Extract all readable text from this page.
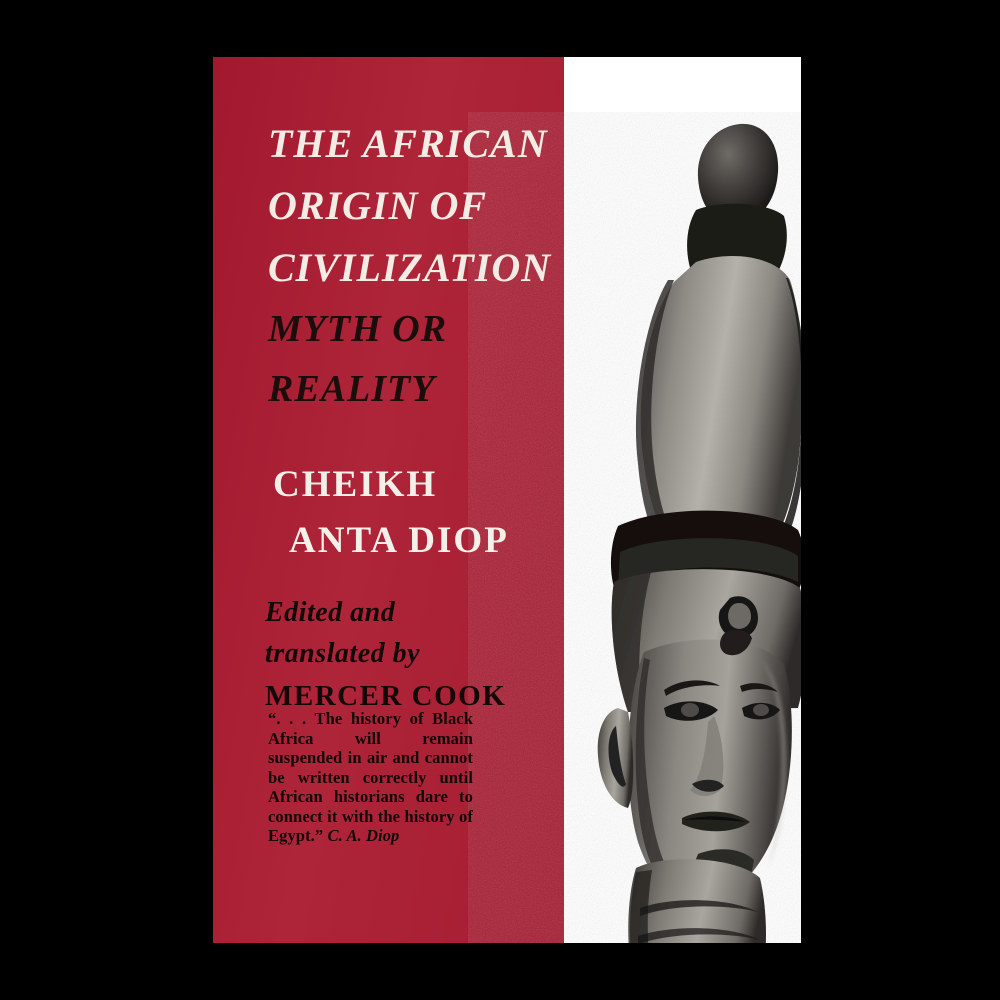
THE AFRICAN
ORIGIN OF
CIVILIZATION
MYTH OR
REALITY
CHEIKH
ANTA DIOP
Edited and
translated by
MERCER COOK
“. . . The history of Black Africa will remain suspended in air and cannot be written correctly until African historians dare to connect it with the history of Egypt.” C. A. Diop
